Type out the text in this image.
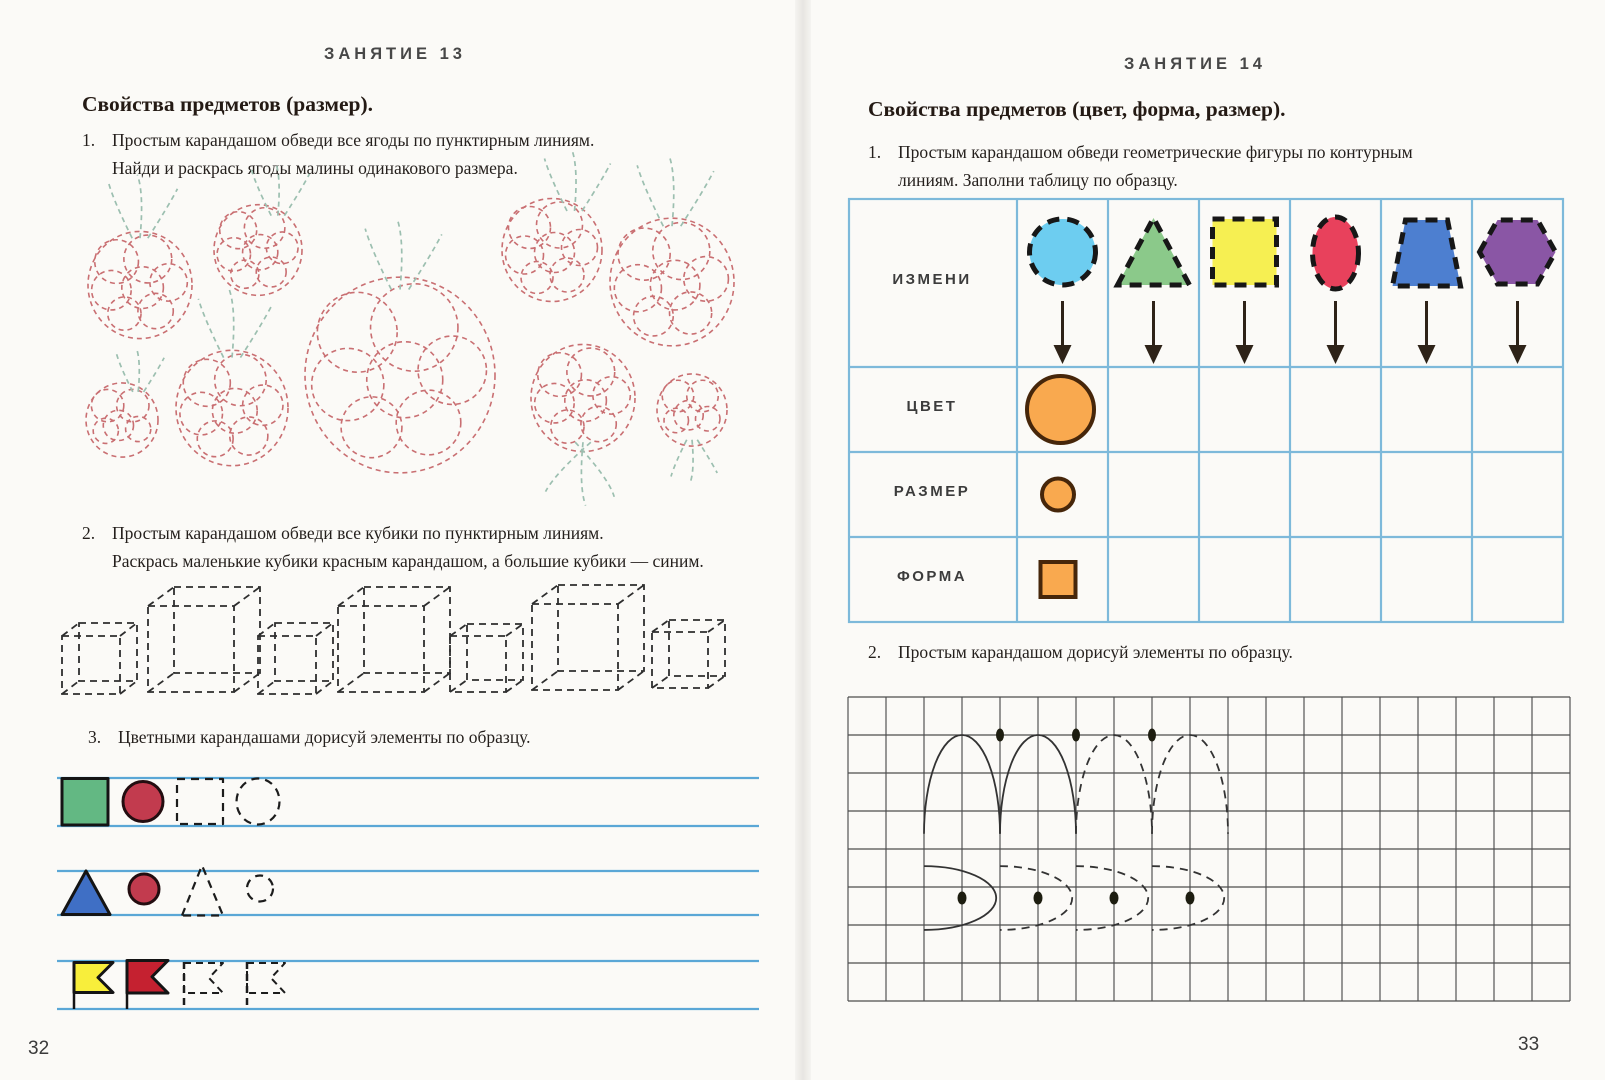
ЗАНЯТИЕ 13
Свойства предметов (размер).
1. Простым карандашом обведи все ягоды по пунктирным линиям.
Найди и раскрась ягоды малины одинакового размера.
2. Простым карандашом обведи все кубики по пунктирным линиям.
Раскрась маленькие кубики красным карандашом, а большие кубики — синим.
3. Цветными карандашами дорисуй элементы по образцу.
32
ЗАНЯТИЕ 14
Свойства предметов (цвет, форма, размер).
1. Простым карандашом обведи геометрические фигуры по контурным
линиям. Заполни таблицу по образцу.
ИЗМЕНИ
ЦВЕТ
РАЗМЕР
ФОРМА
2. Простым карандашом дорисуй элементы по образцу.
33
